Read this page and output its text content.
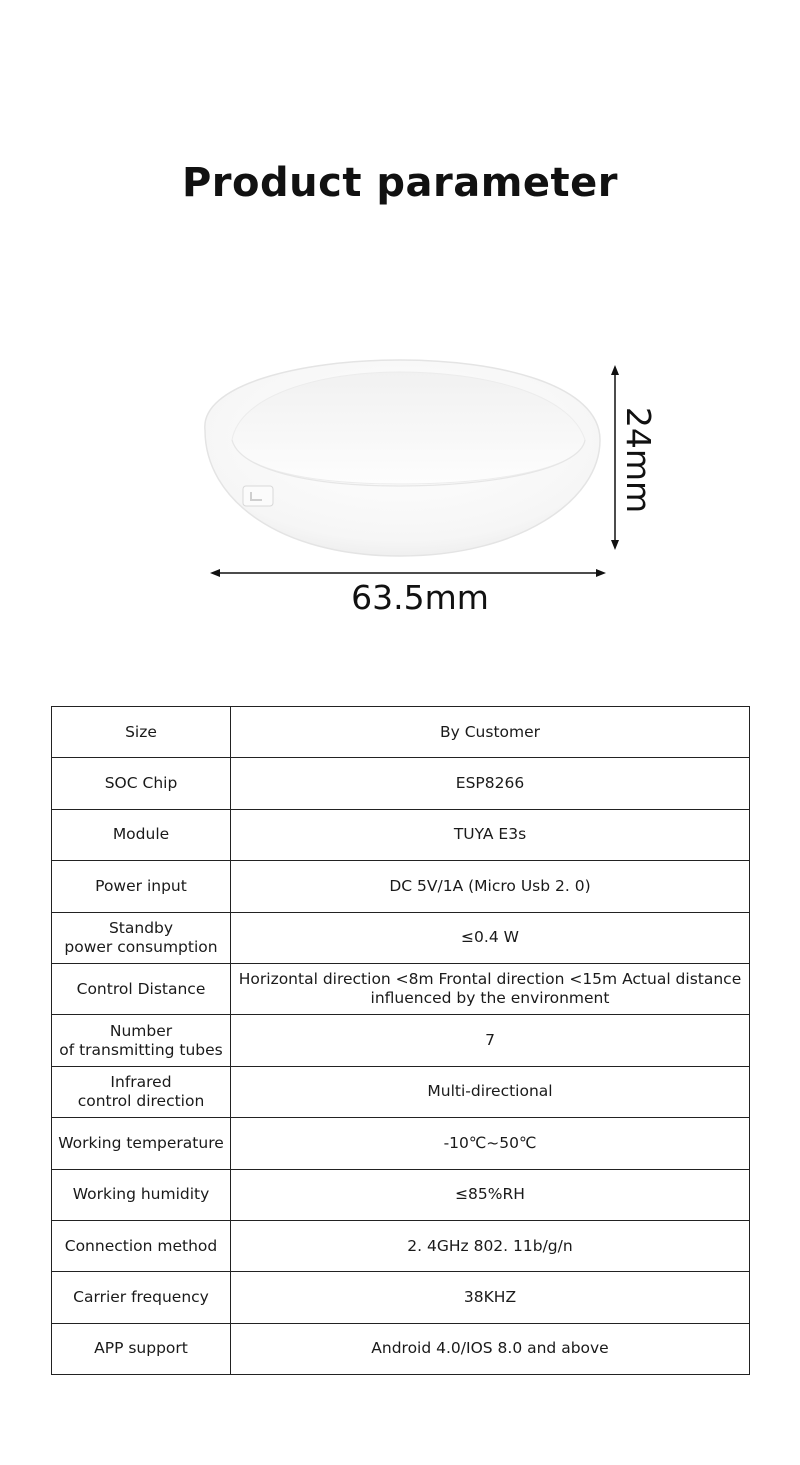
Product parameter
63.5mm
24mm
Size	By Customer
SOC Chip	ESP8266
Module	TUYA E3s
Power input	DC 5V/1A (Micro Usb 2. 0)
Standby
power consumption	≤0.4 W
Control Distance	Horizontal direction <8m Frontal direction <15m Actual distance influenced by the environment
Number
of transmitting tubes	7
Infrared
control direction	Multi-directional
Working temperature	-10℃~50℃
Working humidity	≤85%RH
Connection method	2. 4GHz 802. 11b/g/n
Carrier frequency	38KHZ
APP support	Android 4.0/IOS 8.0 and above
